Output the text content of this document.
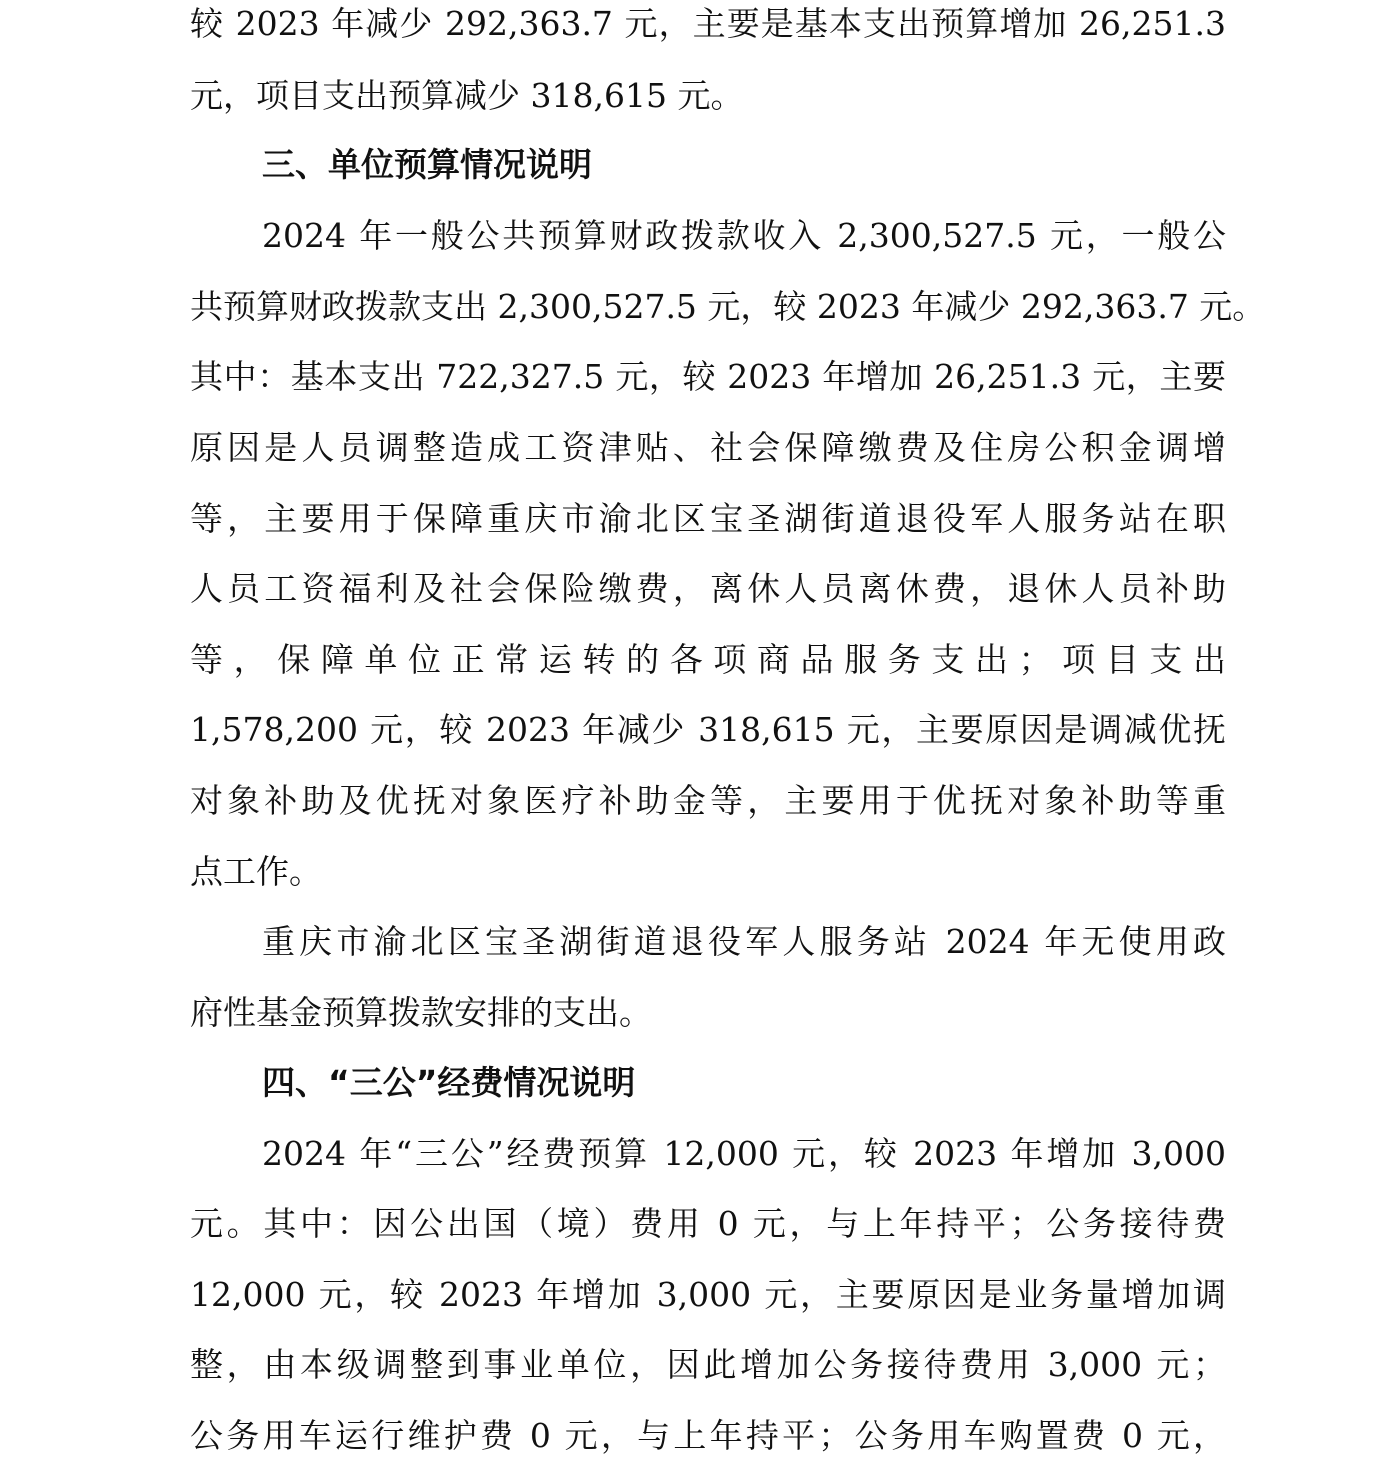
较 2023 年减少 292,363.7 元，主要是基本支出预算增加 26,251.3
元，项目支出预算减少 318,615 元。
三、单位预算情况说明
2024 年一般公共预算财政拨款收入 2,300,527.5 元，一般公
共预算财政拨款支出 2,300,527.5 元，较 2023 年减少 292,363.7 元。
其中：基本支出 722,327.5 元，较 2023 年增加 26,251.3 元，主要
原因是人员调整造成工资津贴、社会保障缴费及住房公积金调增
等，主要用于保障重庆市渝北区宝圣湖街道退役军人服务站在职
人员工资福利及社会保险缴费，离休人员离休费，退休人员补助
等，保障单位正常运转的各项商品服务支出；项目支出
1,578,200 元，较 2023 年减少 318,615 元，主要原因是调减优抚
对象补助及优抚对象医疗补助金等，主要用于优抚对象补助等重
点工作。
重庆市渝北区宝圣湖街道退役军人服务站 2024 年无使用政
府性基金预算拨款安排的支出。
四、“三公”经费情况说明
2024 年“三公”经费预算 12,000 元，较 2023 年增加 3,000
元。其中：因公出国（境）费用 0 元，与上年持平；公务接待费
12,000 元，较 2023 年增加 3,000 元，主要原因是业务量增加调
整，由本级调整到事业单位，因此增加公务接待费用 3,000 元；
公务用车运行维护费 0 元，与上年持平；公务用车购置费 0 元，
